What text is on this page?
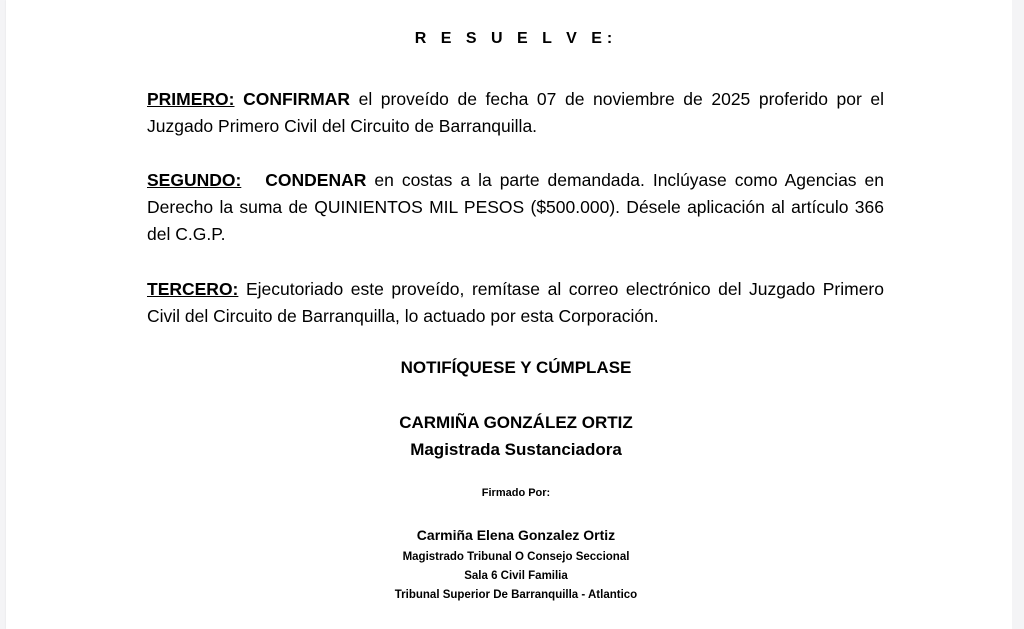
R E S U E L V E:
PRIMERO: CONFIRMAR el proveído de fecha 07 de noviembre de 2025 proferido por el Juzgado Primero Civil del Circuito de Barranquilla.
SEGUNDO: CONDENAR en costas a la parte demandada. Inclúyase como Agencias en Derecho la suma de QUINIENTOS MIL PESOS ($500.000). Désele aplicación al artículo 366 del C.G.P.
TERCERO: Ejecutoriado este proveído, remítase al correo electrónico del Juzgado Primero Civil del Circuito de Barranquilla, lo actuado por esta Corporación.
NOTIFÍQUESE Y CÚMPLASE
CARMIÑA GONZÁLEZ ORTIZ
Magistrada Sustanciadora
Firmado Por:
Carmiña Elena Gonzalez Ortiz
Magistrado Tribunal O Consejo Seccional
Sala 6 Civil Familia
Tribunal Superior De Barranquilla - Atlantico
